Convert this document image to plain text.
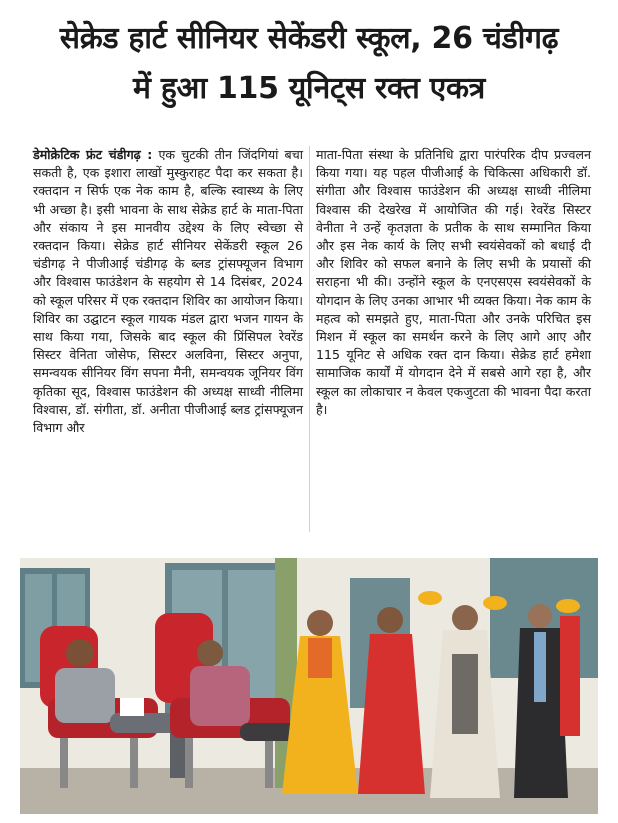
सेक्रेड हार्ट सीनियर सेकेंडरी स्कूल, 26 चंडीगढ़
में हुआ 115 यूनिट्स रक्त एकत्र

डेमोक्रेटिक फ्रंट चंडीगढ़ : एक चुटकी तीन जिंदगियां बचा सकती है, एक इशारा लाखों मुस्कुराहट पैदा कर सकता है। रक्तदान न सिर्फ एक नेक काम है, बल्कि स्वास्थ्य के लिए भी अच्छा है। इसी भावना के साथ सेक्रेड हार्ट के माता-पिता और संकाय ने इस मानवीय उद्देश्य के लिए स्वेच्छा से रक्तदान किया। सेक्रेड हार्ट सीनियर सेकेंडरी स्कूल 26 चंडीगढ़ ने पीजीआई चंडीगढ़ के ब्लड ट्रांसफ्यूजन विभाग और विश्वास फाउंडेशन के सहयोग से 14 दिसंबर, 2024 को स्कूल परिसर में एक रक्तदान शिविर का आयोजन किया। शिविर का उद्घाटन स्कूल गायक मंडल द्वारा भजन गायन के साथ किया गया, जिसके बाद स्कूल की प्रिंसिपल रेवरेंड सिस्टर वेनिता जोसेफ, सिस्टर अलविना, सिस्टर अनुपा, समन्वयक सीनियर विंग सपना मैनी, समन्वयक जूनियर विंग कृतिका सूद, विश्वास फाउंडेशन की अध्यक्ष साध्वी नीलिमा विश्वास, डॉ. संगीता, डॉ. अनीता पीजीआई ब्लड ट्रांसफ्यूजन विभाग और

माता-पिता संस्था के प्रतिनिधि द्वारा पारंपरिक दीप प्रज्वलन किया गया। यह पहल पीजीआई के चिकित्सा अधिकारी डॉ. संगीता और विश्वास फाउंडेशन की अध्यक्ष साध्वी नीलिमा विश्वास की देखरेख में आयोजित की गई। रेवरेंड सिस्टर वेनीता ने उन्हें कृतज्ञता के प्रतीक के साथ सम्मानित किया और इस नेक कार्य के लिए सभी स्वयंसेवकों को बधाई दी और शिविर को सफल बनाने के लिए सभी के प्रयासों की सराहना भी की। उन्होंने स्कूल के एनएसएस स्वयंसेवकों के योगदान के लिए उनका आभार भी व्यक्त किया। नेक काम के महत्व को समझते हुए, माता-पिता और उनके परिचित इस मिशन में स्कूल का समर्थन करने के लिए आगे आए और 115 यूनिट से अधिक रक्त दान किया। सेक्रेड हार्ट हमेशा सामाजिक कार्यों में योगदान देने में सबसे आगे रहा है, और स्कूल का लोकाचार न केवल एकजुटता की भावना पैदा करता है।
